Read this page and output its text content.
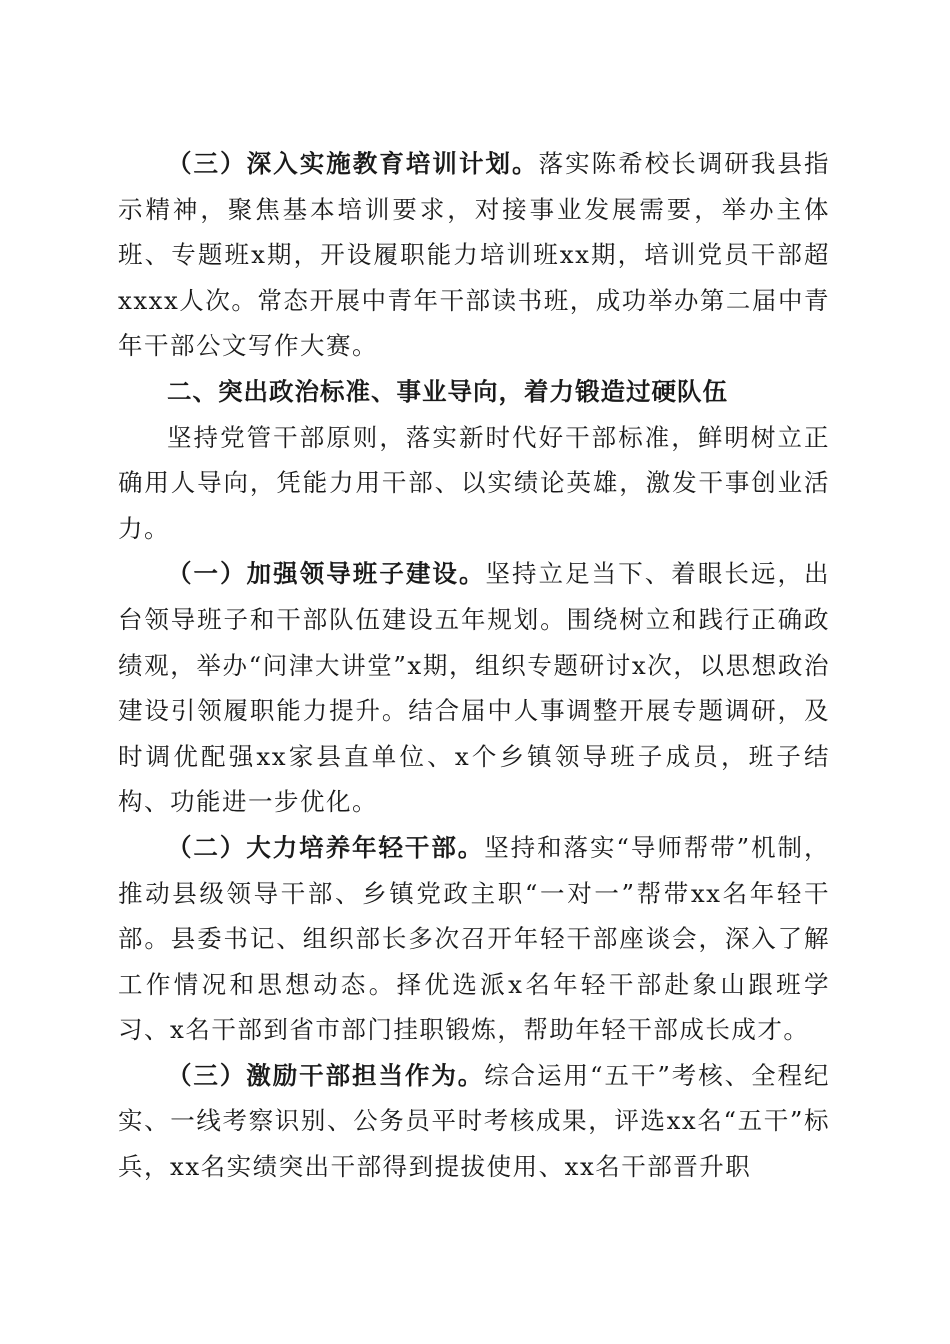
（三）深入实施教育培训计划。落实陈希校长调研我县指示精神，聚焦基本培训要求，对接事业发展需要，举办主体班、专题班x期，开设履职能力培训班xx期，培训党员干部超xxxx人次。常态开展中青年干部读书班，成功举办第二届中青年干部公文写作大赛。

二、突出政治标准、事业导向，着力锻造过硬队伍

坚持党管干部原则，落实新时代好干部标准，鲜明树立正确用人导向，凭能力用干部、以实绩论英雄，激发干事创业活力。

（一）加强领导班子建设。坚持立足当下、着眼长远，出台领导班子和干部队伍建设五年规划。围绕树立和践行正确政绩观，举办“问津大讲堂”x期，组织专题研讨x次，以思想政治建设引领履职能力提升。结合届中人事调整开展专题调研，及时调优配强xx家县直单位、x个乡镇领导班子成员，班子结构、功能进一步优化。

（二）大力培养年轻干部。坚持和落实“导师帮带”机制，推动县级领导干部、乡镇党政主职“一对一”帮带xx名年轻干部。县委书记、组织部长多次召开年轻干部座谈会，深入了解工作情况和思想动态。择优选派x名年轻干部赴象山跟班学习、x名干部到省市部门挂职锻炼，帮助年轻干部成长成才。

（三）激励干部担当作为。综合运用“五干”考核、全程纪实、一线考察识别、公务员平时考核成果，评选xx名“五干”标兵，xx名实绩突出干部得到提拔使用、xx名干部晋升职
